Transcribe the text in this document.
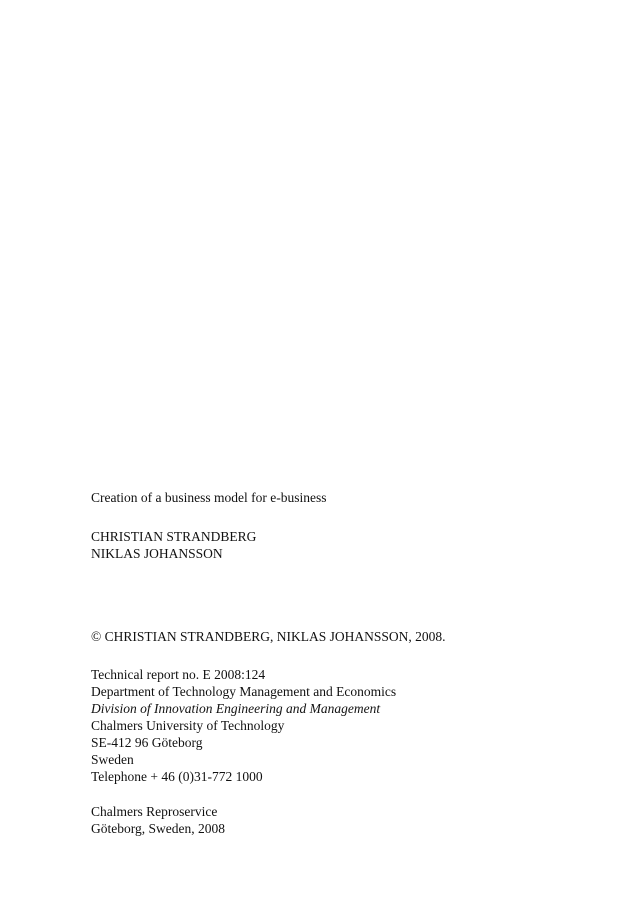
Creation of a business model for e-business
CHRISTIAN STRANDBERG
NIKLAS JOHANSSON
© CHRISTIAN STRANDBERG, NIKLAS JOHANSSON, 2008.
Technical report no. E 2008:124
Department of Technology Management and Economics
Division of Innovation Engineering and Management
Chalmers University of Technology
SE-412 96 Göteborg
Sweden
Telephone + 46 (0)31-772 1000
Chalmers Reproservice
Göteborg, Sweden, 2008
